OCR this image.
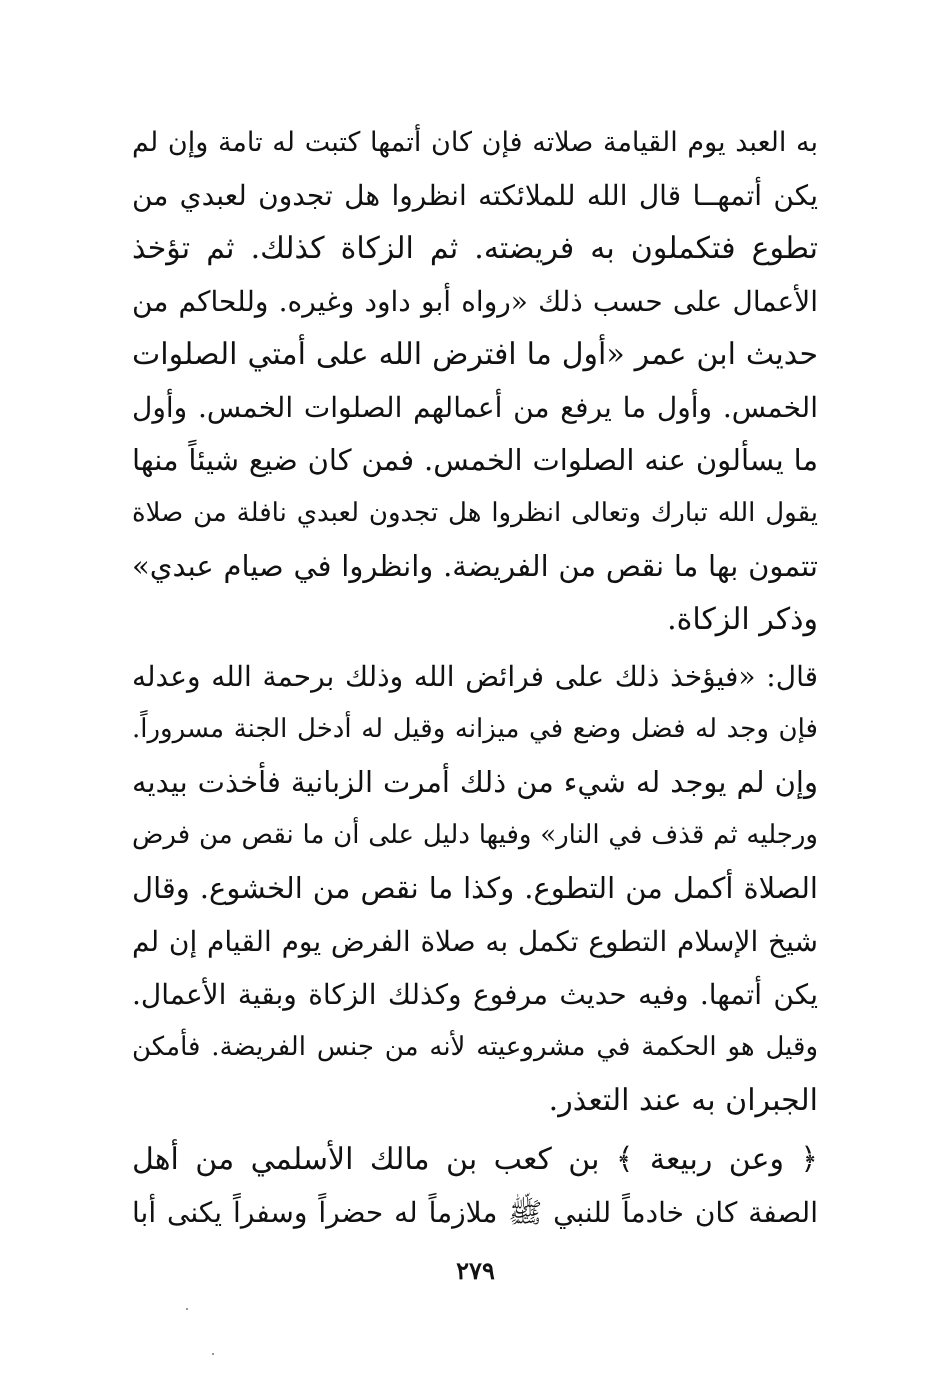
به العبد يوم القيامة صلاته فإن كان أتمها كتبت له تامة وإن لم
يكن أتمهــا قال الله للملائكته انظروا هل تجدون لعبدي من
تطوع فتكملون به فريضته. ثم الزكاة كذلك. ثم تؤخذ
الأعمال على حسب ذلك «رواه أبو داود وغيره. وللحاكم من
حديث ابن عمر «أول ما افترض الله على أمتي الصلوات
الخمس. وأول ما يرفع من أعمالهم الصلوات الخمس. وأول
ما يسألون عنه الصلوات الخمس. فمن كان ضيع شيئاً منها
يقول الله تبارك وتعالى انظروا هل تجدون لعبدي نافلة من صلاة
تتمون بها ما نقص من الفريضة. وانظروا في صيام عبدي»
وذكر الزكاة.
قال: «فيؤخذ ذلك على فرائض الله وذلك برحمة الله وعدله
فإن وجد له فضل وضع في ميزانه وقيل له أدخل الجنة مسروراً.
وإن لم يوجد له شيء من ذلك أمرت الزبانية فأخذت بيديه
ورجليه ثم قذف في النار» وفيها دليل على أن ما نقص من فرض
الصلاة أكمل من التطوع. وكذا ما نقص من الخشوع. وقال
شيخ الإسلام التطوع تكمل به صلاة الفرض يوم القيام إن لم
يكن أتمها. وفيه حديث مرفوع وكذلك الزكاة وبقية الأعمال.
وقيل هو الحكمة في مشروعيته لأنه من جنس الفريضة. فأمكن
الجبران به عند التعذر.
﴿ وعن ربيعة ﴾ بن كعب بن مالك الأسلمي من أهل
الصفة كان خادماً للنبي ﷺ ملازماً له حضراً وسفراً يكنى أبا
٢٧٩
